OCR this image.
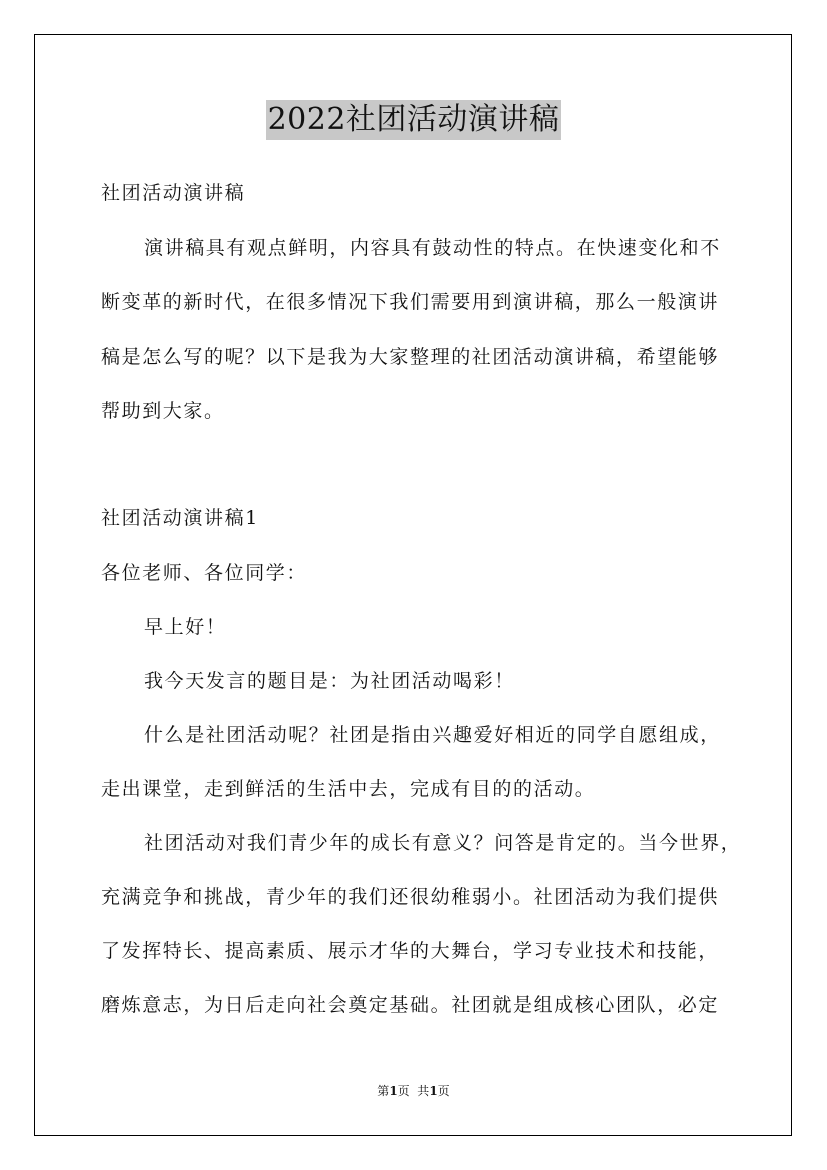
2022社团活动演讲稿
社团活动演讲稿
演讲稿具有观点鲜明，内容具有鼓动性的特点。在快速变化和不
断变革的新时代，在很多情况下我们需要用到演讲稿，那么一般演讲
稿是怎么写的呢？以下是我为大家整理的社团活动演讲稿，希望能够
帮助到大家。
社团活动演讲稿1
各位老师、各位同学：
早上好！
我今天发言的题目是：为社团活动喝彩！
什么是社团活动呢？社团是指由兴趣爱好相近的同学自愿组成，
走出课堂，走到鲜活的生活中去，完成有目的的活动。
社团活动对我们青少年的成长有意义？问答是肯定的。当今世界，
充满竞争和挑战，青少年的我们还很幼稚弱小。社团活动为我们提供
了发挥特长、提高素质、展示才华的大舞台，学习专业技术和技能，
磨炼意志，为日后走向社会奠定基础。社团就是组成核心团队，必定
第1页  共1页
